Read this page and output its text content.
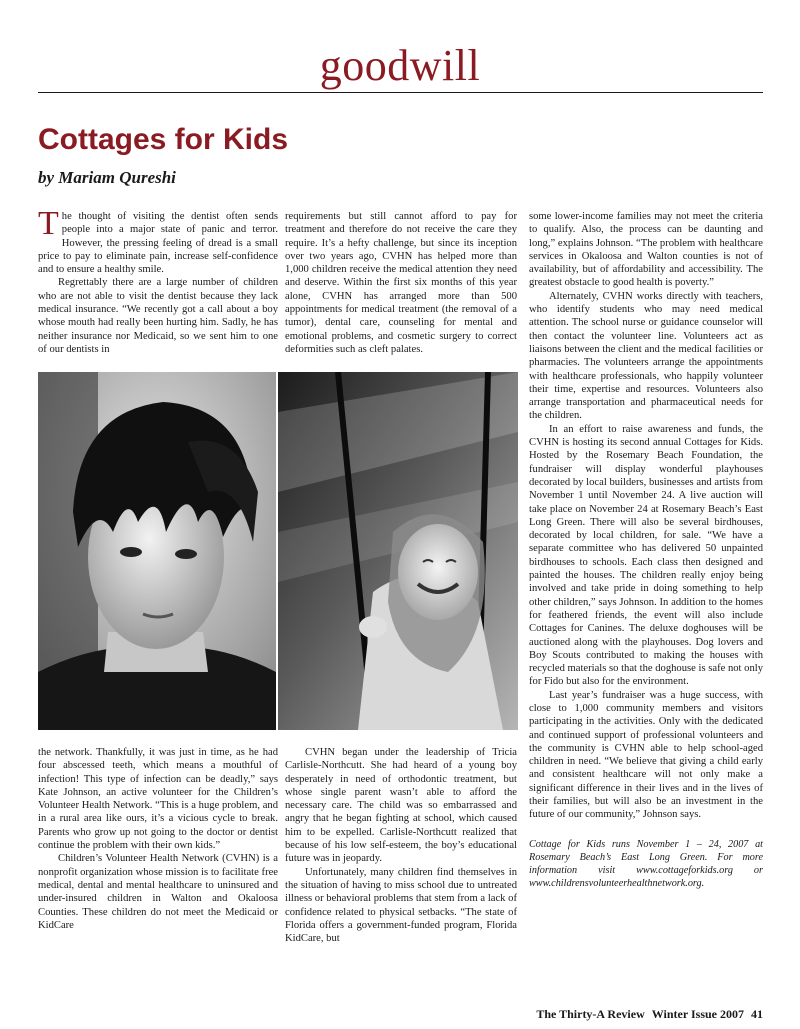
goodwill
Cottages for Kids
by Mariam Qureshi

The thought of visiting the dentist often sends people into a major state of panic and terror. However, the pressing feeling of dread is a small price to pay to eliminate pain, increase self-confidence and to ensure a healthy smile.

Regrettably there are a large number of children who are not able to visit the dentist because they lack medical insurance. “We recently got a call about a boy whose mouth had really been hurting him. Sadly, he has neither insurance nor Medicaid, so we sent him to one of our dentists in

requirements but still cannot afford to pay for treatment and therefore do not receive the care they require. It’s a hefty challenge, but since its inception over two years ago, CVHN has helped more than 1,000 children receive the medical attention they need and deserve. Within the first six months of this year alone, CVHN has arranged more than 500 appointments for medical treatment (the removal of a tumor), dental care, counseling for mental and emotional problems, and cosmetic surgery to correct deformities such as cleft palates.

some lower-income families may not meet the criteria to qualify. Also, the process can be daunting and long,” explains Johnson. “The problem with healthcare services in Okaloosa and Walton counties is not of availability, but of affordability and accessibility. The greatest obstacle to good health is poverty.”

Alternately, CVHN works directly with teachers, who identify students who may need medical attention. The school nurse or guidance counselor will then contact the volunteer line. Volunteers act as liaisons between the client and the medical facilities or pharmacies. The volunteers arrange the appointments with healthcare professionals, who happily volunteer their time, expertise and resources. Volunteers also arrange transportation and pharmaceutical needs for the children.

In an effort to raise awareness and funds, the CVHN is hosting its second annual Cottages for Kids. Hosted by the Rosemary Beach Foundation, the fundraiser will display wonderful playhouses decorated by local builders, businesses and artists from November 1 until November 24. A live auction will take place on November 24 at Rosemary Beach’s East Long Green. There will also be several birdhouses, decorated by local children, for sale. “We have a separate committee who has delivered 50 unpainted birdhouses to schools. Each class then designed and painted the houses. The children really enjoy being involved and take pride in doing something to help other children,” says Johnson. In addition to the homes for feathered friends, the event will also include Cottages for Canines. The deluxe doghouses will be auctioned along with the playhouses. Dog lovers and Boy Scouts contributed to making the houses with recycled materials so that the doghouse is safe not only for Fido but also for the environment.

Last year’s fundraiser was a huge success, with close to 1,000 community members and visitors participating in the activities. Only with the dedicated and continued support of professional volunteers and the community is CVHN able to help school-aged children in need. “We believe that giving a child early and consistent healthcare will not only make a significant difference in their lives and in the lives of their families, but will also be an investment in the future of our community,” Johnson says.

Cottage for Kids runs November 1 – 24, 2007 at Rosemary Beach’s East Long Green. For more information visit www.cottageforkids.org or www.childrensvolunteerhealthnetwork.org.

the network. Thankfully, it was just in time, as he had four abscessed teeth, which means a mouthful of infection! This type of infection can be deadly,” says Kate Johnson, an active volunteer for the Children’s Volunteer Health Network. “This is a huge problem, and in a rural area like ours, it’s a vicious cycle to break. Parents who grow up not going to the doctor or dentist continue the problem with their own kids.”

Children’s Volunteer Health Network (CVHN) is a nonprofit organization whose mission is to facilitate free medical, dental and mental healthcare to uninsured and under-insured children in Walton and Okaloosa Counties. These children do not meet the Medicaid or KidCare

CVHN began under the leadership of Tricia Carlisle-Northcutt. She had heard of a young boy desperately in need of orthodontic treatment, but whose single parent wasn’t able to afford the necessary care. The child was so embarrassed and angry that he began fighting at school, which caused him to be expelled. Carlisle-Northcutt realized that because of his low self-esteem, the boy’s educational future was in jeopardy.

Unfortunately, many children find themselves in the situation of having to miss school due to untreated illness or behavioral problems that stem from a lack of confidence related to physical setbacks. “The state of Florida offers a government-funded program, Florida KidCare, but

The Thirty-A Review Winter Issue 2007 41
